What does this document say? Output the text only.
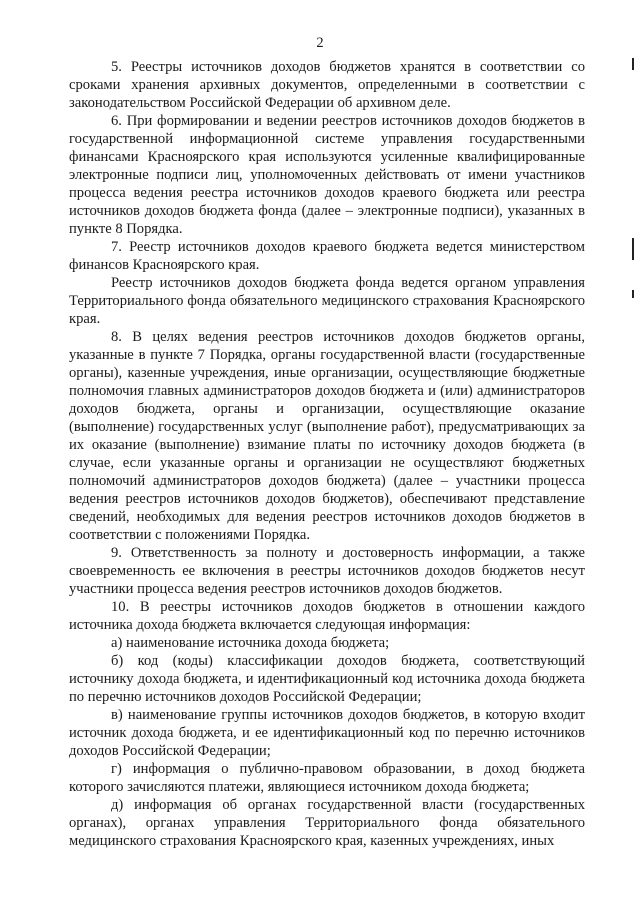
2

5. Реестры источников доходов бюджетов хранятся в соответствии со сроками хранения архивных документов, определенными в соответствии с законодательством Российской Федерации об архивном деле.

6. При формировании и ведении реестров источников доходов бюджетов в государственной информационной системе управления государственными финансами Красноярского края используются усиленные квалифицированные электронные подписи лиц, уполномоченных действовать от имени участников процесса ведения реестра источников доходов краевого бюджета или реестра источников доходов бюджета фонда (далее – электронные подписи), указанных в пункте 8 Порядка.

7. Реестр источников доходов краевого бюджета ведется министерством финансов Красноярского края.

Реестр источников доходов бюджета фонда ведется органом управления Территориального фонда обязательного медицинского страхования Красноярского края.

8. В целях ведения реестров источников доходов бюджетов органы, указанные в пункте 7 Порядка, органы государственной власти (государственные органы), казенные учреждения, иные организации, осуществляющие бюджетные полномочия главных администраторов доходов бюджета и (или) администраторов доходов бюджета, органы и организации, осуществляющие оказание (выполнение) государственных услуг (выполнение работ), предусматривающих за их оказание (выполнение) взимание платы по источнику доходов бюджета (в случае, если указанные органы и организации не осуществляют бюджетных полномочий администраторов доходов бюджета) (далее – участники процесса ведения реестров источников доходов бюджетов), обеспечивают представление сведений, необходимых для ведения реестров источников доходов бюджетов в соответствии с положениями Порядка.

9. Ответственность за полноту и достоверность информации, а также своевременность ее включения в реестры источников доходов бюджетов несут участники процесса ведения реестров источников доходов бюджетов.

10. В реестры источников доходов бюджетов в отношении каждого источника дохода бюджета включается следующая информация:

а) наименование источника дохода бюджета;

б) код (коды) классификации доходов бюджета, соответствующий источнику дохода бюджета, и идентификационный код источника дохода бюджета по перечню источников доходов Российской Федерации;

в) наименование группы источников доходов бюджетов, в которую входит источник дохода бюджета, и ее идентификационный код по перечню источников доходов Российской Федерации;

г) информация о публично-правовом образовании, в доход бюджета которого зачисляются платежи, являющиеся источником дохода бюджета;

д) информация об органах государственной власти (государственных органах), органах управления Территориального фонда обязательного медицинского страхования Красноярского края, казенных учреждениях, иных
